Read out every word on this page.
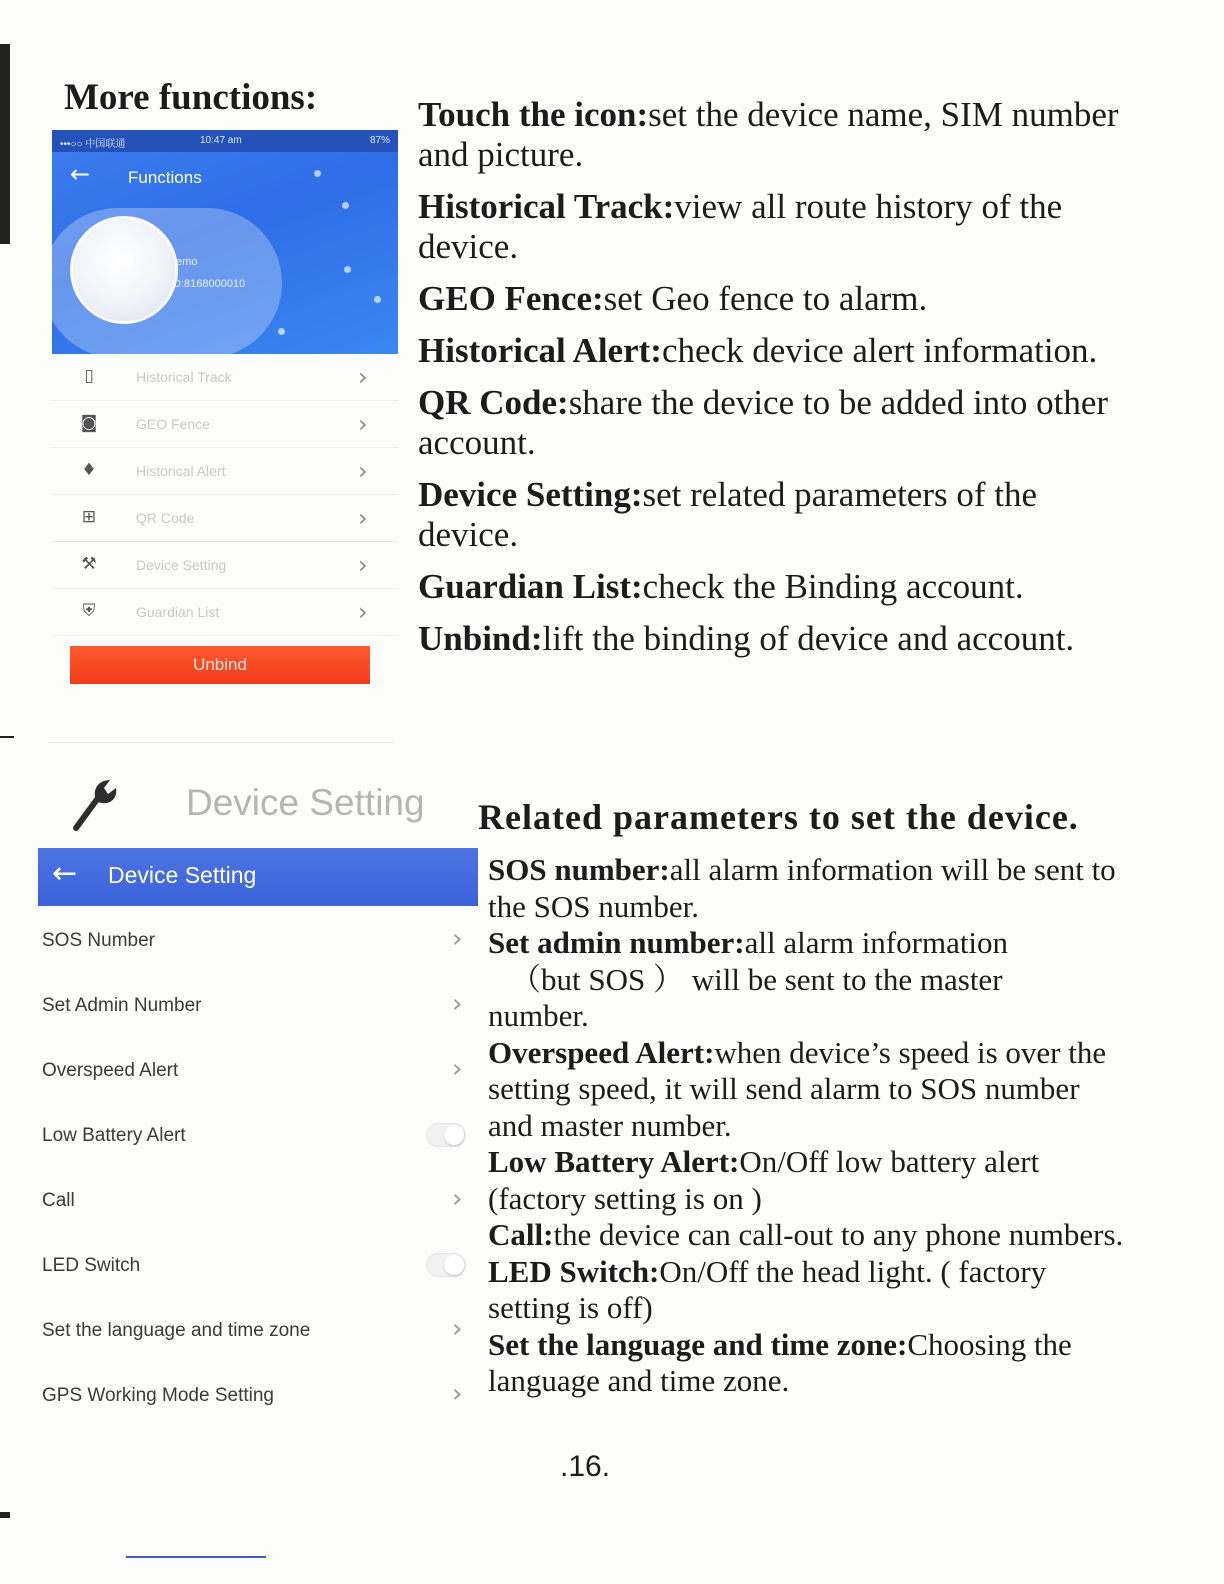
More functions:
•••○○ 中国联通	10:47 am	87%
← Functions
demo
ID:8168000010
▯	Historical Track	›
◙	GEO Fence	›
♦	Historical Alert	›
⊞	QR Code	›
⚒	Device Setting	›
⛨	Guardian List	›
Unbind

Touch the icon:set the device name, SIM number and picture.

Historical Track:view all route history of the device.

GEO Fence:set Geo fence to alarm.

Historical Alert:check device alert information.

QR Code:share the device to be added into other account.

Device Setting:set related parameters of the device.

Guardian List:check the Binding account.

Unbind:lift the binding of device and account.

Device Setting
← Device Setting
SOS Number	›
Set Admin Number	›
Overspeed Alert	›
Low Battery Alert
Call	›
LED Switch
Set the language and time zone	›
GPS Working Mode Setting	›
Related parameters to set the device.

SOS number:all alarm information will be sent to the SOS number.

Set admin number:all alarm information
（but SOS ） will be sent to the master
number.

Overspeed Alert:when device’s speed is over the setting speed, it will send alarm to SOS number and master number.

Low Battery Alert:On/Off low battery alert (factory setting is on )

Call:the device can call-out to any phone numbers.

LED Switch:On/Off the head light. ( factory setting is off)

Set the language and time zone:Choosing the language and time zone.

.16.
